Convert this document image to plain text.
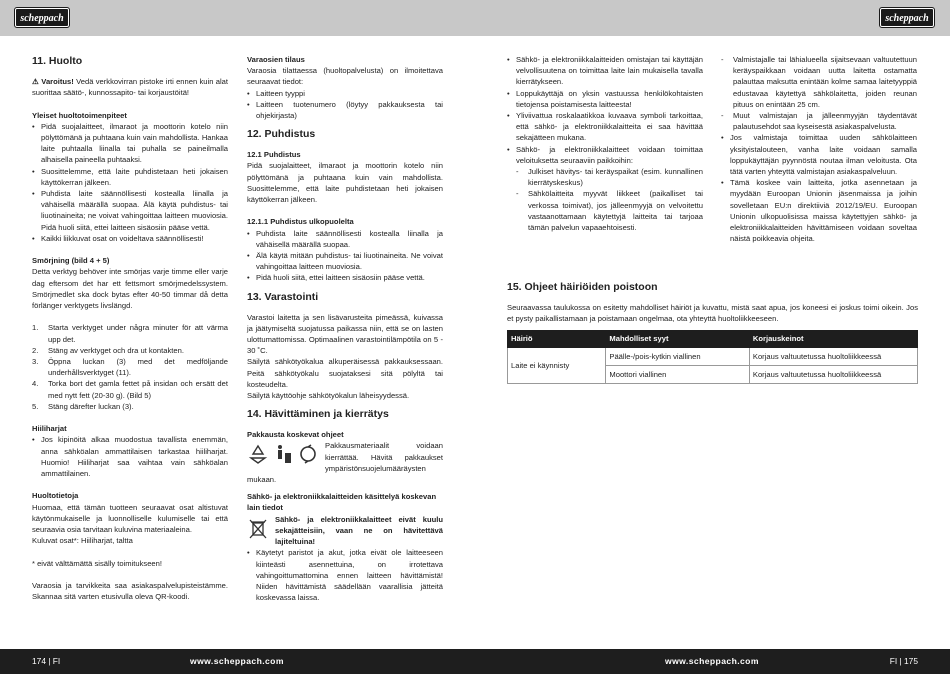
scheppach	scheppach
11. Huolto

⚠ Varoitus! Vedä verkkovirran pistoke irti ennen kuin alat suorittaa säätö-, kunnossapito- tai korjaustöitä!

Yleiset huoltotoimenpiteet
• Pidä suojalaitteet, ilmaraot ja moottorin kotelo niin pölyttömänä ja puhtaana kuin vain mahdollista. Hankaa laite puhtaalla liinalla tai puhalla se paineilmalla alhaisella paineella puhtaaksi.
• Suosittelemme, että laite puhdistetaan heti jokaisen käyttökerran jälkeen.
• Puhdista laite säännöllisesti kostealla liinalla ja vähäisellä määrällä suopaa. Älä käytä puhdistus- tai liuotinaineita; ne voivat vahingoittaa laitteen muoviosia. Pidä huoli siitä, ettei laitteen sisäosiin pääse vettä.
• Kaikki liikkuvat osat on voideltava säännöllisesti!
Smörjning (bild 4 + 5)

Detta verktyg behöver inte smörjas varje timme eller varje dag eftersom det har ett fettsmort smörjmedelssystem. Smörjmedlet ska dock bytas efter 40-50 timmar då detta förlänger verktygets livslängd.

1. Starta verktyget under några minuter för att värma upp det.
2. Stäng av verktyget och dra ut kontakten.
3. Öppna luckan (3) med det medföljande underhållsverktyget (11).
4. Torka bort det gamla fettet på insidan och ersätt det med nytt fett (20-30 g). (Bild 5)
5. Stäng därefter luckan (3).
Hiiliharjat
• Jos kipinöitä alkaa muodostua tavallista enemmän, anna sähköalan ammattilaisen tarkastaa hiiliharjat. Huomio! Hiiliharjat saa vaihtaa vain sähköalan ammattilainen.
Huoltotietoja

Huomaa, että tämän tuotteen seuraavat osat altistuvat käytönmukaiselle ja luonnolliselle kulumiselle tai että seuraavia osia tarvitaan kuluvina materiaaleina.

Kuluvat osat*: Hiiliharjat, taltta

* eivät välttämättä sisälly toimitukseen!

Varaosia ja tarvikkeita saa asiakaspalvelupisteistämme. Skannaa sitä varten etusivulla oleva QR-koodi.

Varaosien tilaus

Varaosia tilattaessa (huoltopalvelusta) on ilmoitettava seuraavat tiedot:

• Laitteen tyyppi
• Laitteen tuotenumero (löytyy pakkauksesta tai ohjekirjasta)
12. Puhdistus
12.1 Puhdistus

Pidä suojalaitteet, ilmaraot ja moottorin kotelo niin pölyttömänä ja puhtaana kuin vain mahdollista. Suosittelemme, että laite puhdistetaan heti jokaisen käyttökerran jälkeen.

12.1.1 Puhdistus ulkopuolelta
• Puhdista laite säännöllisesti kostealla liinalla ja vähäisellä määrällä suopaa.
• Älä käytä mitään puhdistus- tai liuotinaineita. Ne voivat vahingoittaa laitteen muoviosia.
• Pidä huoli siitä, ettei laitteen sisäosiin pääse vettä.
13. Varastointi

Varastoi laitetta ja sen lisävarusteita pimeässä, kuivassa ja jäätymiseltä suojatussa paikassa niin, että se on lasten ulottumattomissa. Optimaalinen varastointilämpötila on 5 - 30 ˚C.

Säilytä sähkötyökalua alkuperäisessä pakkauksessaan. Peitä sähkötyökalu suojataksesi sitä pölyltä tai kosteudelta.

Säilytä käyttöohje sähkötyökalun läheisyydessä.

14. Hävittäminen ja kierrätys
Pakkausta koskevat ohjeet

Pakkausmateriaalit voidaan kierrättää. Hävitä pakkaukset ympäristönsuojelumääräysten mukaan.

Sähkö- ja elektroniikkalaitteiden käsittelyä koskevan lain tiedot

Sähkö- ja elektroniikkalaitteet eivät kuulu sekajätteisiin, vaan ne on hävitettävä lajiteltuina!

• Käytetyt paristot ja akut, jotka eivät ole laitteeseen kiinteästi asennettuina, on irrotettava vahingoittumattomina ennen laitteen hävittämistä! Niiden hävittämistä säädellään vaarallisia jätteitä koskevassa laissa.
• Sähkö- ja elektroniikkalaitteiden omistajan tai käyttäjän velvollisuutena on toimittaa laite lain mukaisella tavalla kierrätykseen.
• Loppukäyttäjä on yksin vastuussa henkilökohtaisten tietojensa poistamisesta laitteesta!
• Yliviivattua roskalaatikkoa kuvaava symboli tarkoittaa, että sähkö- ja elektroniikkalaitteita ei saa hävittää sekajätteen mukana.
• Sähkö- ja elektroniikkalaitteet voidaan toimittaa veloituksetta seuraaviin paikkoihin:
- Julkiset hävitys- tai keräyspaikat (esim. kunnallinen kierrätyskeskus)
- Sähkölaitteita myyvät liikkeet (paikalliset tai verkossa toimivat), jos jälleenmyyjä on velvoitettu vastaanottamaan käytettyjä laitteita tai tarjoaa tämän palvelun vapaaehtoisesti.
- Valmistajalle tai lähialueella sijaitsevaan valtuutettuun keräyspaikkaan voidaan uutta laitetta ostamatta palauttaa maksutta enintään kolme samaa laitetyyppiä edustavaa käytettyä sähkölaitetta, joiden reunan pituus on enintään 25 cm.
- Muut valmistajan ja jälleenmyyjän täydentävät palautusehdot saa kyseisestä asiakaspalvelusta.
• Jos valmistaja toimittaa uuden sähkölaitteen yksityistalouteen, vanha laite voidaan samalla loppukäyttäjän pyynnöstä noutaa ilman veloitusta. Ota tätä varten yhteyttä valmistajan asiakaspalveluun.
• Tämä koskee vain laitteita, jotka asennetaan ja myydään Euroopan Unionin jäsenmaissa ja joihin sovelletaan EU:n direktiiviä 2012/19/EU. Euroopan Unionin ulkopuolisissa maissa käytettyjen sähkö- ja elektroniikkalaitteiden hävittämiseen voidaan soveltaa näistä poikkeavia ohjeita.
15. Ohjeet häiriöiden poistoon

Seuraavassa taulukossa on esitetty mahdolliset häiriöt ja kuvattu, mistä saat apua, jos koneesi ei joskus toimi oikein. Jos et pysty paikallistamaan ja poistamaan ongelmaa, ota yhteyttä huoltoliikkeeseen.

Häiriö	Mahdolliset syyt	Korjauskeinot
Laite ei käynnisty	Päälle-/pois-kytkin viallinen	Korjaus valtuutetussa huoltoliikkeessä
	Moottori viallinen	Korjaus valtuutetussa huoltoliikkeessä
174 | FI	www.scheppach.com	www.scheppach.com	FI | 175
